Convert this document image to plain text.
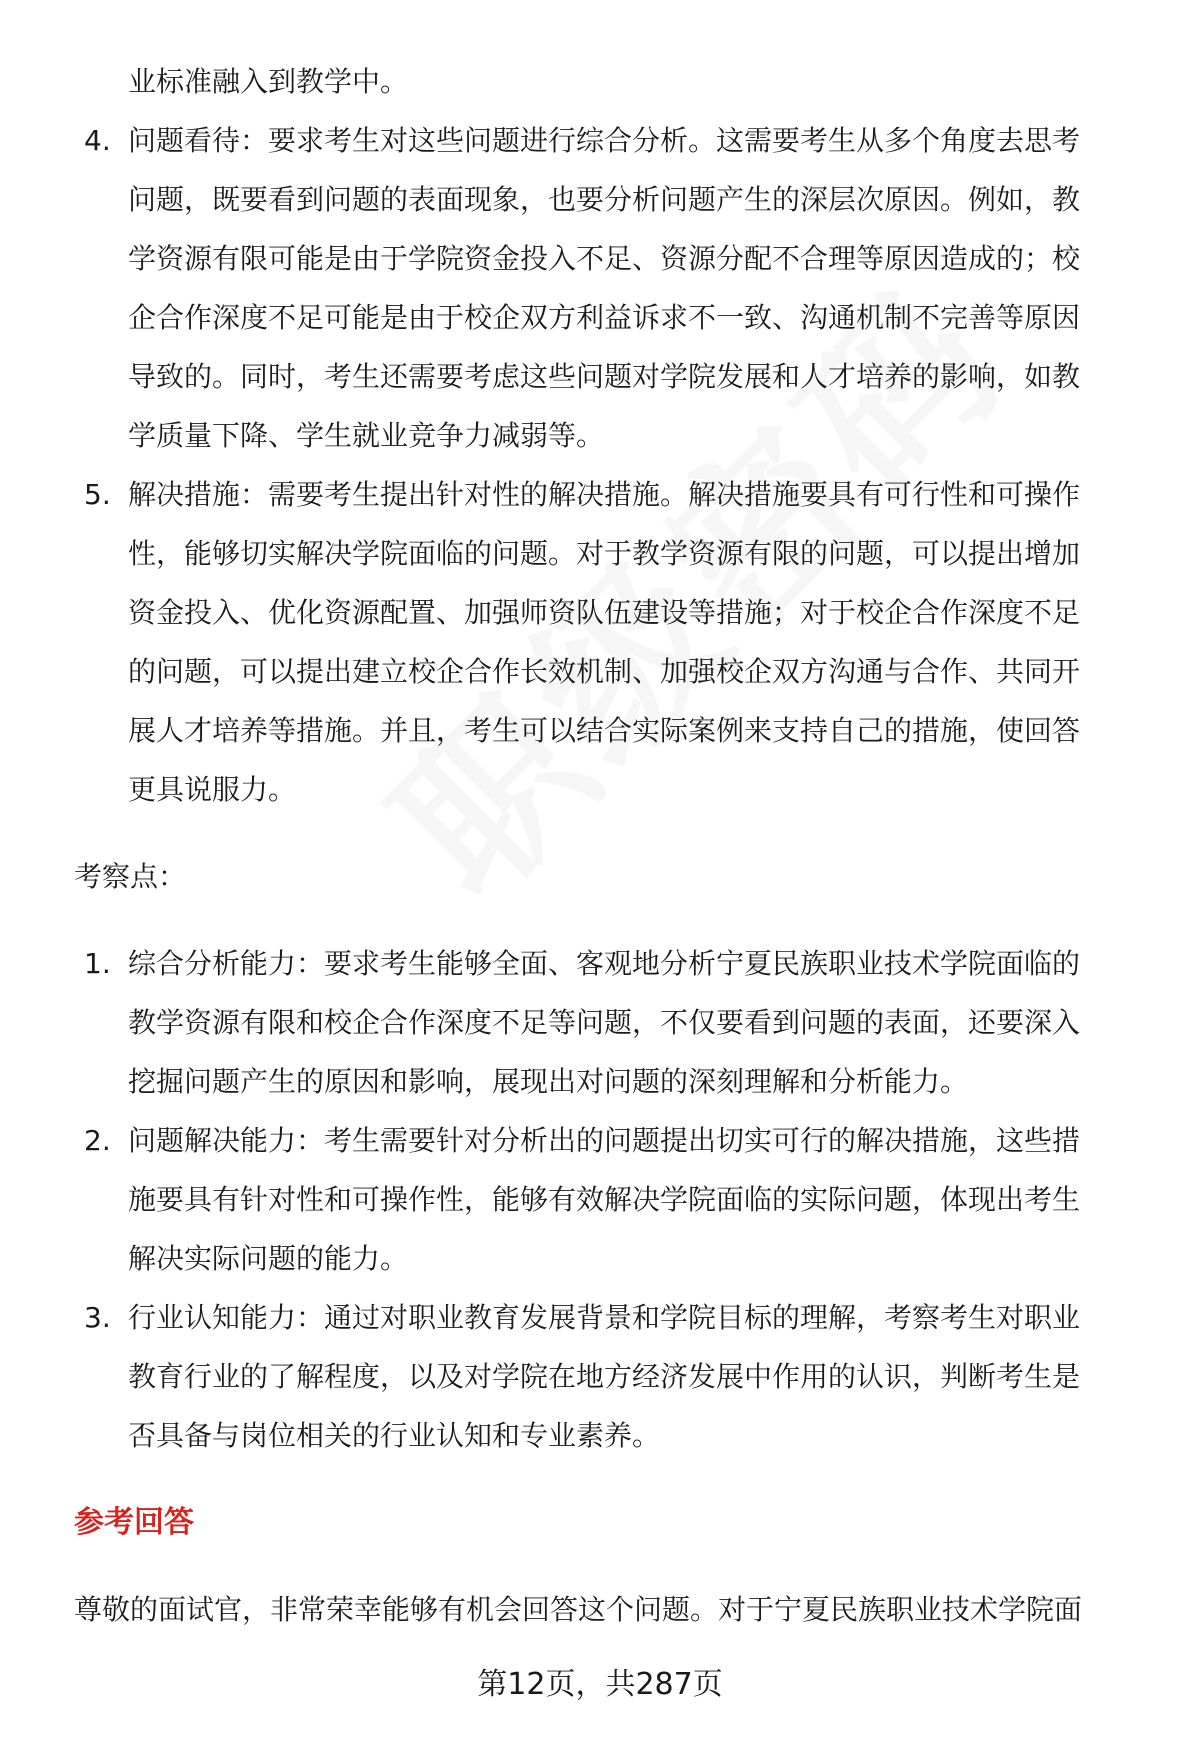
业标准融入到教学中。
4. 问题看待：要求考生对这些问题进行综合分析。这需要考生从多个角度去思考
问题，既要看到问题的表面现象，也要分析问题产生的深层次原因。例如，教
学资源有限可能是由于学院资金投入不足、资源分配不合理等原因造成的；校
企合作深度不足可能是由于校企双方利益诉求不一致、沟通机制不完善等原因
导致的。同时，考生还需要考虑这些问题对学院发展和人才培养的影响，如教
学质量下降、学生就业竞争力减弱等。
5. 解决措施：需要考生提出针对性的解决措施。解决措施要具有可行性和可操作
性，能够切实解决学院面临的问题。对于教学资源有限的问题，可以提出增加
资金投入、优化资源配置、加强师资队伍建设等措施；对于校企合作深度不足
的问题，可以提出建立校企合作长效机制、加强校企双方沟通与合作、共同开
展人才培养等措施。并且，考生可以结合实际案例来支持自己的措施，使回答
更具说服力。
考察点：
1. 综合分析能力：要求考生能够全面、客观地分析宁夏民族职业技术学院面临的
教学资源有限和校企合作深度不足等问题，不仅要看到问题的表面，还要深入
挖掘问题产生的原因和影响，展现出对问题的深刻理解和分析能力。
2. 问题解决能力：考生需要针对分析出的问题提出切实可行的解决措施，这些措
施要具有针对性和可操作性，能够有效解决学院面临的实际问题，体现出考生
解决实际问题的能力。
3. 行业认知能力：通过对职业教育发展背景和学院目标的理解，考察考生对职业
教育行业的了解程度，以及对学院在地方经济发展中作用的认识，判断考生是
否具备与岗位相关的行业认知和专业素养。
参考回答
尊敬的面试官，非常荣幸能够有机会回答这个问题。对于宁夏民族职业技术学院面
第12页，共287页
